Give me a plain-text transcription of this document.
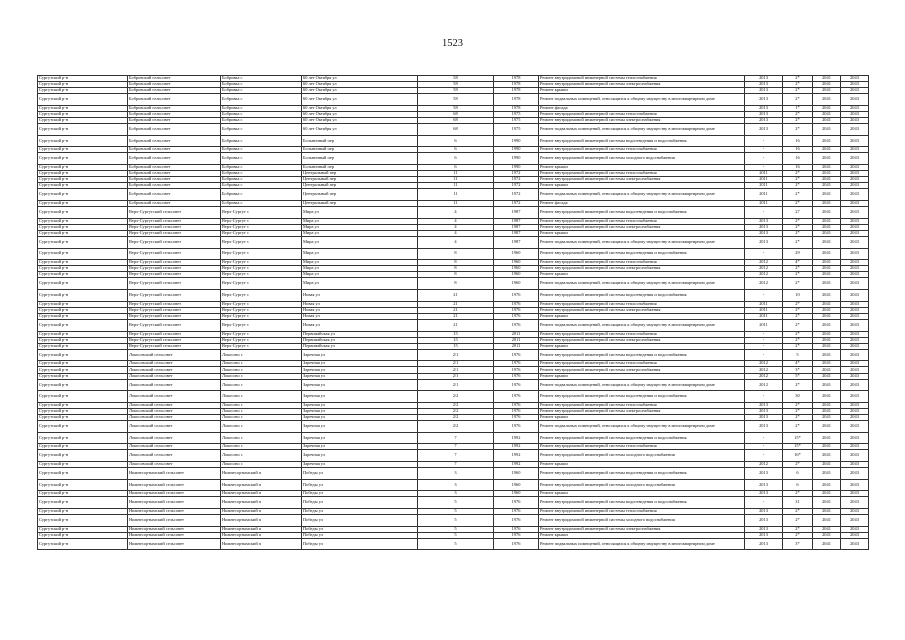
1523
Сургутский р-н	Бобровский сельсовет	Бобровка с	60 лет Октября ул	58	1978	Ремонт внутридомовой инженерной системы теплоснабжения	2013	2*	2041	2043
Сургутский р-н	Бобровский сельсовет	Бобровка с	60 лет Октября ул	58	1978	Ремонт внутридомовой инженерной системы электроснабжения	2013	2*	2041	2043
Сургутский р-н	Бобровский сельсовет	Бобровка с	60 лет Октября ул	58	1978	Ремонт крыши	2013	2*	2041	2043
Сургутский р-н	Бобровский сельсовет	Бобровка с	60 лет Октября ул	58	1978	Ремонт подвальных помещений, относящихся к общему имуществу в многоквартирном доме	2013	2*	2041	2043
Сургутский р-н	Бобровский сельсовет	Бобровка с	60 лет Октября ул	58	1978	Ремонт фасада	2013	1*	2041	2043
Сургутский р-н	Бобровский сельсовет	Бобровка с	60 лет Октября ул	68	1975	Ремонт внутридомовой инженерной системы теплоснабжения	2013	2*	2041	2043
Сургутский р-н	Бобровский сельсовет	Бобровка с	60 лет Октября ул	68	1975	Ремонт внутридомовой инженерной системы электроснабжения	2013	2*	2041	2043
Сургутский р-н	Бобровский сельсовет	Бобровка с	60 лет Октября ул	68	1975	Ремонт подвальных помещений, относящихся к общему имуществу в многоквартирном доме	2013	2*	2041	2043
Сургутский р-н	Бобровский сельсовет	Бобровка с	Больничный пер	6	1990	Ремонт внутридомовой инженерной системы водоотведения и водоснабжения	-	16	2041	2043
Сургутский р-н	Бобровский сельсовет	Бобровка с	Больничный пер	6	1990	Ремонт внутридомовой инженерной системы теплоснабжения	-	16	2041	2043
Сургутский р-н	Бобровский сельсовет	Бобровка с	Больничный пер	6	1990	Ремонт внутридомовой инженерной системы холодного водоснабжения	-	16	2041	2043
Сургутский р-н	Бобровский сельсовет	Бобровка с	Больничный пер	6	1990	Ремонт крыши	-	16	2041	2043
Сургутский р-н	Бобровский сельсовет	Бобровка с	Центральный пер	11	1972	Ремонт внутридомовой инженерной системы теплоснабжения	2011	2*	2041	2043
Сургутский р-н	Бобровский сельсовет	Бобровка с	Центральный пер	11	1972	Ремонт внутридомовой инженерной системы электроснабжения	2011	2*	2041	2043
Сургутский р-н	Бобровский сельсовет	Бобровка с	Центральный пер	11	1972	Ремонт крыши	2011	2*	2041	2043
Сургутский р-н	Бобровский сельсовет	Бобровка с	Центральный пер	11	1972	Ремонт подвальных помещений, относящихся к общему имуществу в многоквартирном доме	2011	2*	2041	2043
Сургутский р-н	Бобровский сельсовет	Бобровка с	Центральный пер	11	1972	Ремонт фасада	2011	2*	2041	2043
Сургутский р-н	Верх-Сургутский сельсовет	Верх-Сургут с	Мира ул	4	1987	Ремонт внутридомовой инженерной системы водоотведения и водоснабжения	-	27	2041	2043
Сургутский р-н	Верх-Сургутский сельсовет	Верх-Сургут с	Мира ул	4	1987	Ремонт внутридомовой инженерной системы теплоснабжения	2013	2*	2041	2043
Сургутский р-н	Верх-Сургутский сельсовет	Верх-Сургут с	Мира ул	4	1987	Ремонт внутридомовой инженерной системы электроснабжения	2013	2*	2041	2043
Сургутский р-н	Верх-Сургутский сельсовет	Верх-Сургут с	Мира ул	4	1987	Ремонт крыши	2013	2*	2041	2043
Сургутский р-н	Верх-Сургутский сельсовет	Верх-Сургут с	Мира ул	4	1987	Ремонт подвальных помещений, относящихся к общему имуществу в многоквартирном доме	2013	2*	2041	2043
Сургутский р-н	Верх-Сургутский сельсовет	Верх-Сургут с	Мира ул	8	1960	Ремонт внутридомовой инженерной системы водоотведения и водоснабжения	-	29	2041	2043
Сургутский р-н	Верх-Сургутский сельсовет	Верх-Сургут с	Мира ул	8	1960	Ремонт внутридомовой инженерной системы теплоснабжения	2012	4*	2041	2043
Сургутский р-н	Верх-Сургутский сельсовет	Верх-Сургут с	Мира ул	8	1960	Ремонт внутридомовой инженерной системы электроснабжения	2012	2*	2041	2043
Сургутский р-н	Верх-Сургутский сельсовет	Верх-Сургут с	Мира ул	8	1960	Ремонт крыши	2012	2*	2041	2043
Сургутский р-н	Верх-Сургутский сельсовет	Верх-Сургут с	Мира ул	8	1960	Ремонт подвальных помещений, относящихся к общему имуществу в многоквартирном доме	2012	2*	2041	2043
Сургутский р-н	Верх-Сургутский сельсовет	Верх-Сургут с	Новая ул	21	1976	Ремонт внутридомовой инженерной системы водоотведения и водоснабжения	-	10	2041	2043
Сургутский р-н	Верх-Сургутский сельсовет	Верх-Сургут с	Новая ул	21	1976	Ремонт внутридомовой инженерной системы теплоснабжения	2011	2*	2041	2043
Сургутский р-н	Верх-Сургутский сельсовет	Верх-Сургут с	Новая ул	21	1976	Ремонт внутридомовой инженерной системы электроснабжения	2011	2*	2041	2043
Сургутский р-н	Верх-Сургутский сельсовет	Верх-Сургут с	Новая ул	21	1976	Ремонт крыши	2011	2*	2041	2043
Сургутский р-н	Верх-Сургутский сельсовет	Верх-Сургут с	Новая ул	21	1976	Ремонт подвальных помещений, относящихся к общему имуществу в многоквартирном доме	2011	2*	2041	2043
Сургутский р-н	Верх-Сургутский сельсовет	Верх-Сургут с	Первомайская ул	15	2011	Ремонт внутридомовой инженерной системы теплоснабжения	-	2*	2041	2043
Сургутский р-н	Верх-Сургутский сельсовет	Верх-Сургут с	Первомайская ул	15	2011	Ремонт внутридомовой инженерной системы электроснабжения	-	2*	2041	2043
Сургутский р-н	Верх-Сургутский сельсовет	Верх-Сургут с	Первомайская ул	15	2011	Ремонт крыши	-	2*	2041	2043
Сургутский р-н	Локосовский сельсовет	Локосово с	Заречная ул	2/1	1976	Ремонт внутридомовой инженерной системы водоотведения и водоснабжения	-	5	2041	2043
Сургутский р-н	Локосовский сельсовет	Локосово с	Заречная ул	2/1	1976	Ремонт внутридомовой инженерной системы теплоснабжения	2012	4*	2041	2043
Сургутский р-н	Локосовский сельсовет	Локосово с	Заречная ул	2/1	1976	Ремонт внутридомовой инженерной системы электроснабжения	2012	3*	2041	2043
Сургутский р-н	Локосовский сельсовет	Локосово с	Заречная ул	2/1	1976	Ремонт крыши	2012	5*	2041	2043
Сургутский р-н	Локосовский сельсовет	Локосово с	Заречная ул	2/1	1976	Ремонт подвальных помещений, относящихся к общему имуществу в многоквартирном доме	2012	2*	2041	2043
Сургутский р-н	Локосовский сельсовет	Локосово с	Заречная ул	2/2	1976	Ремонт внутридомовой инженерной системы водоотведения и водоснабжения	-	30	2041	2043
Сургутский р-н	Локосовский сельсовет	Локосово с	Заречная ул	2/2	1976	Ремонт внутридомовой инженерной системы теплоснабжения	2013	2*	2041	2043
Сургутский р-н	Локосовский сельсовет	Локосово с	Заречная ул	2/2	1976	Ремонт внутридомовой инженерной системы электроснабжения	2013	2*	2041	2043
Сургутский р-н	Локосовский сельсовет	Локосово с	Заречная ул	2/2	1976	Ремонт крыши	2013	2*	2041	2043
Сургутский р-н	Локосовский сельсовет	Локосово с	Заречная ул	2/2	1976	Ремонт подвальных помещений, относящихся к общему имуществу в многоквартирном доме	2013	2*	2041	2043
Сургутский р-н	Локосовский сельсовет	Локосово с	Заречная ул	7	1992	Ремонт внутридомовой инженерной системы водоотведения и водоснабжения	-	15*	2041	2043
Сургутский р-н	Локосовский сельсовет	Локосово с	Заречная ул	7	1992	Ремонт внутридомовой инженерной системы теплоснабжения	-	15*	2041	2043
Сургутский р-н	Локосовский сельсовет	Локосово с	Заречная ул	7	1992	Ремонт внутридомовой инженерной системы холодного водоснабжения	-	16*	2041	2043
Сургутский р-н	Локосовский сельсовет	Локосово с	Заречная ул	7	1992	Ремонт крыши	2012	2*	2041	2043
Сургутский р-н	Нижнесортымский сельсовет	Нижнесортымский п	Победы ул	3	1960	Ремонт внутридомовой инженерной системы водоотведения и водоснабжения	2013	6	2041	2043
Сургутский р-н	Нижнесортымский сельсовет	Нижнесортымский п	Победы ул	3	1960	Ремонт внутридомовой инженерной системы холодного водоснабжения	2013	6	2041	2043
Сургутский р-н	Нижнесортымский сельсовет	Нижнесортымский п	Победы ул	3	1960	Ремонт крыши	2013	2*	2041	2043
Сургутский р-н	Нижнесортымский сельсовет	Нижнесортымский п	Победы ул	5	1976	Ремонт внутридомовой инженерной системы водоотведения и водоснабжения	-	31	2041	2043
Сургутский р-н	Нижнесортымский сельсовет	Нижнесортымский п	Победы ул	5	1976	Ремонт внутридомовой инженерной системы теплоснабжения	2013	2*	2041	2043
Сургутский р-н	Нижнесортымский сельсовет	Нижнесортымский п	Победы ул	5	1976	Ремонт внутридомовой инженерной системы холодного водоснабжения	2013	2*	2041	2043
Сургутский р-н	Нижнесортымский сельсовет	Нижнесортымский п	Победы ул	5	1976	Ремонт внутридомовой инженерной системы электроснабжения	2013	2*	2041	2043
Сургутский р-н	Нижнесортымский сельсовет	Нижнесортымский п	Победы ул	5	1976	Ремонт крыши	2013	2*	2041	2043
Сургутский р-н	Нижнесортымский сельсовет	Нижнесортымский п	Победы ул	5	1976	Ремонт подвальных помещений, относящихся к общему имуществу в многоквартирном доме	2013	3*	2041	2043
